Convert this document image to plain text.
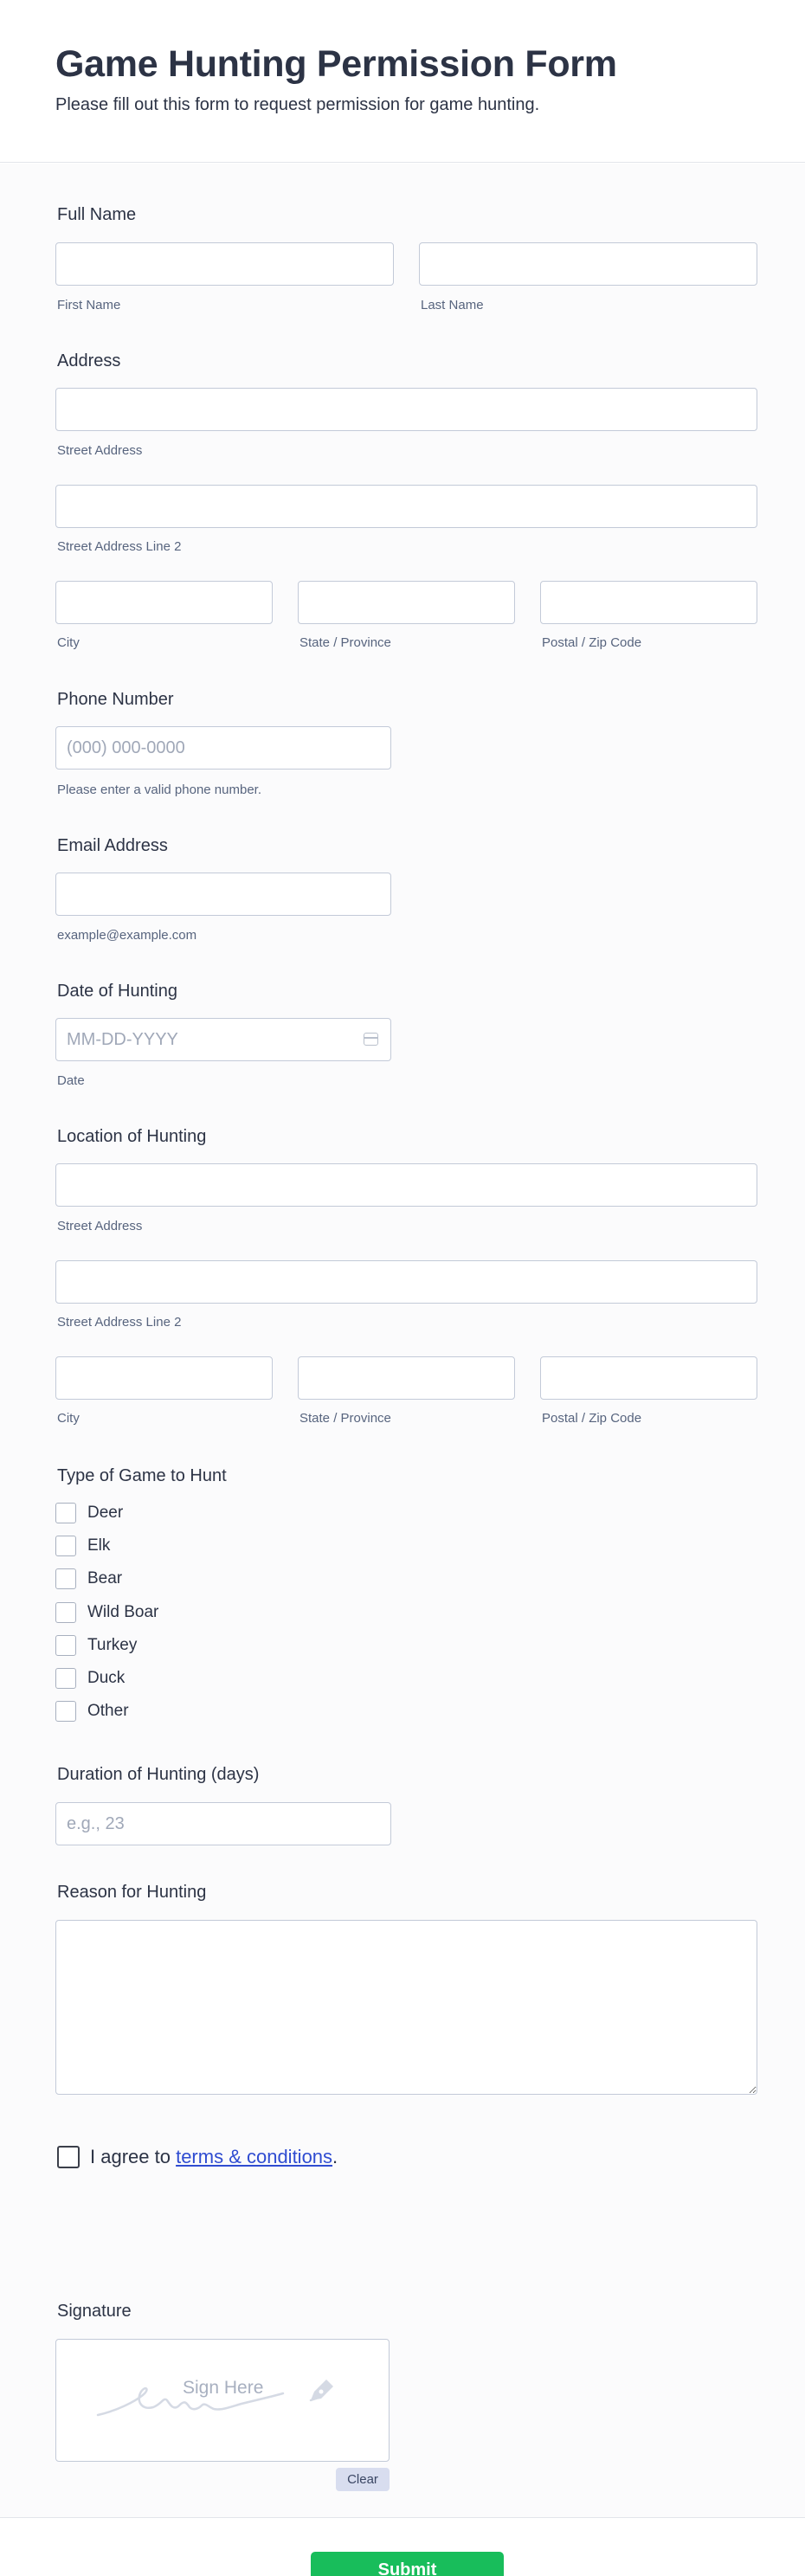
Game Hunting Permission Form
Please fill out this form to request permission for game hunting.
Full Name
First Name	Last Name
Address
Street Address
Street Address Line 2
City	State / Province	Postal / Zip Code
Phone Number
(000) 000-0000
Please enter a valid phone number.
Email Address
example@example.com
Date of Hunting
MM-DD-YYYY
Date
Location of Hunting
Street Address
Street Address Line 2
City	State / Province	Postal / Zip Code
Type of Game to Hunt
Deer
Elk
Bear
Wild Boar
Turkey
Duck
Other
Duration of Hunting (days)
e.g., 23
Reason for Hunting
I agree to terms & conditions.
Signature
Sign Here
Clear
Submit
